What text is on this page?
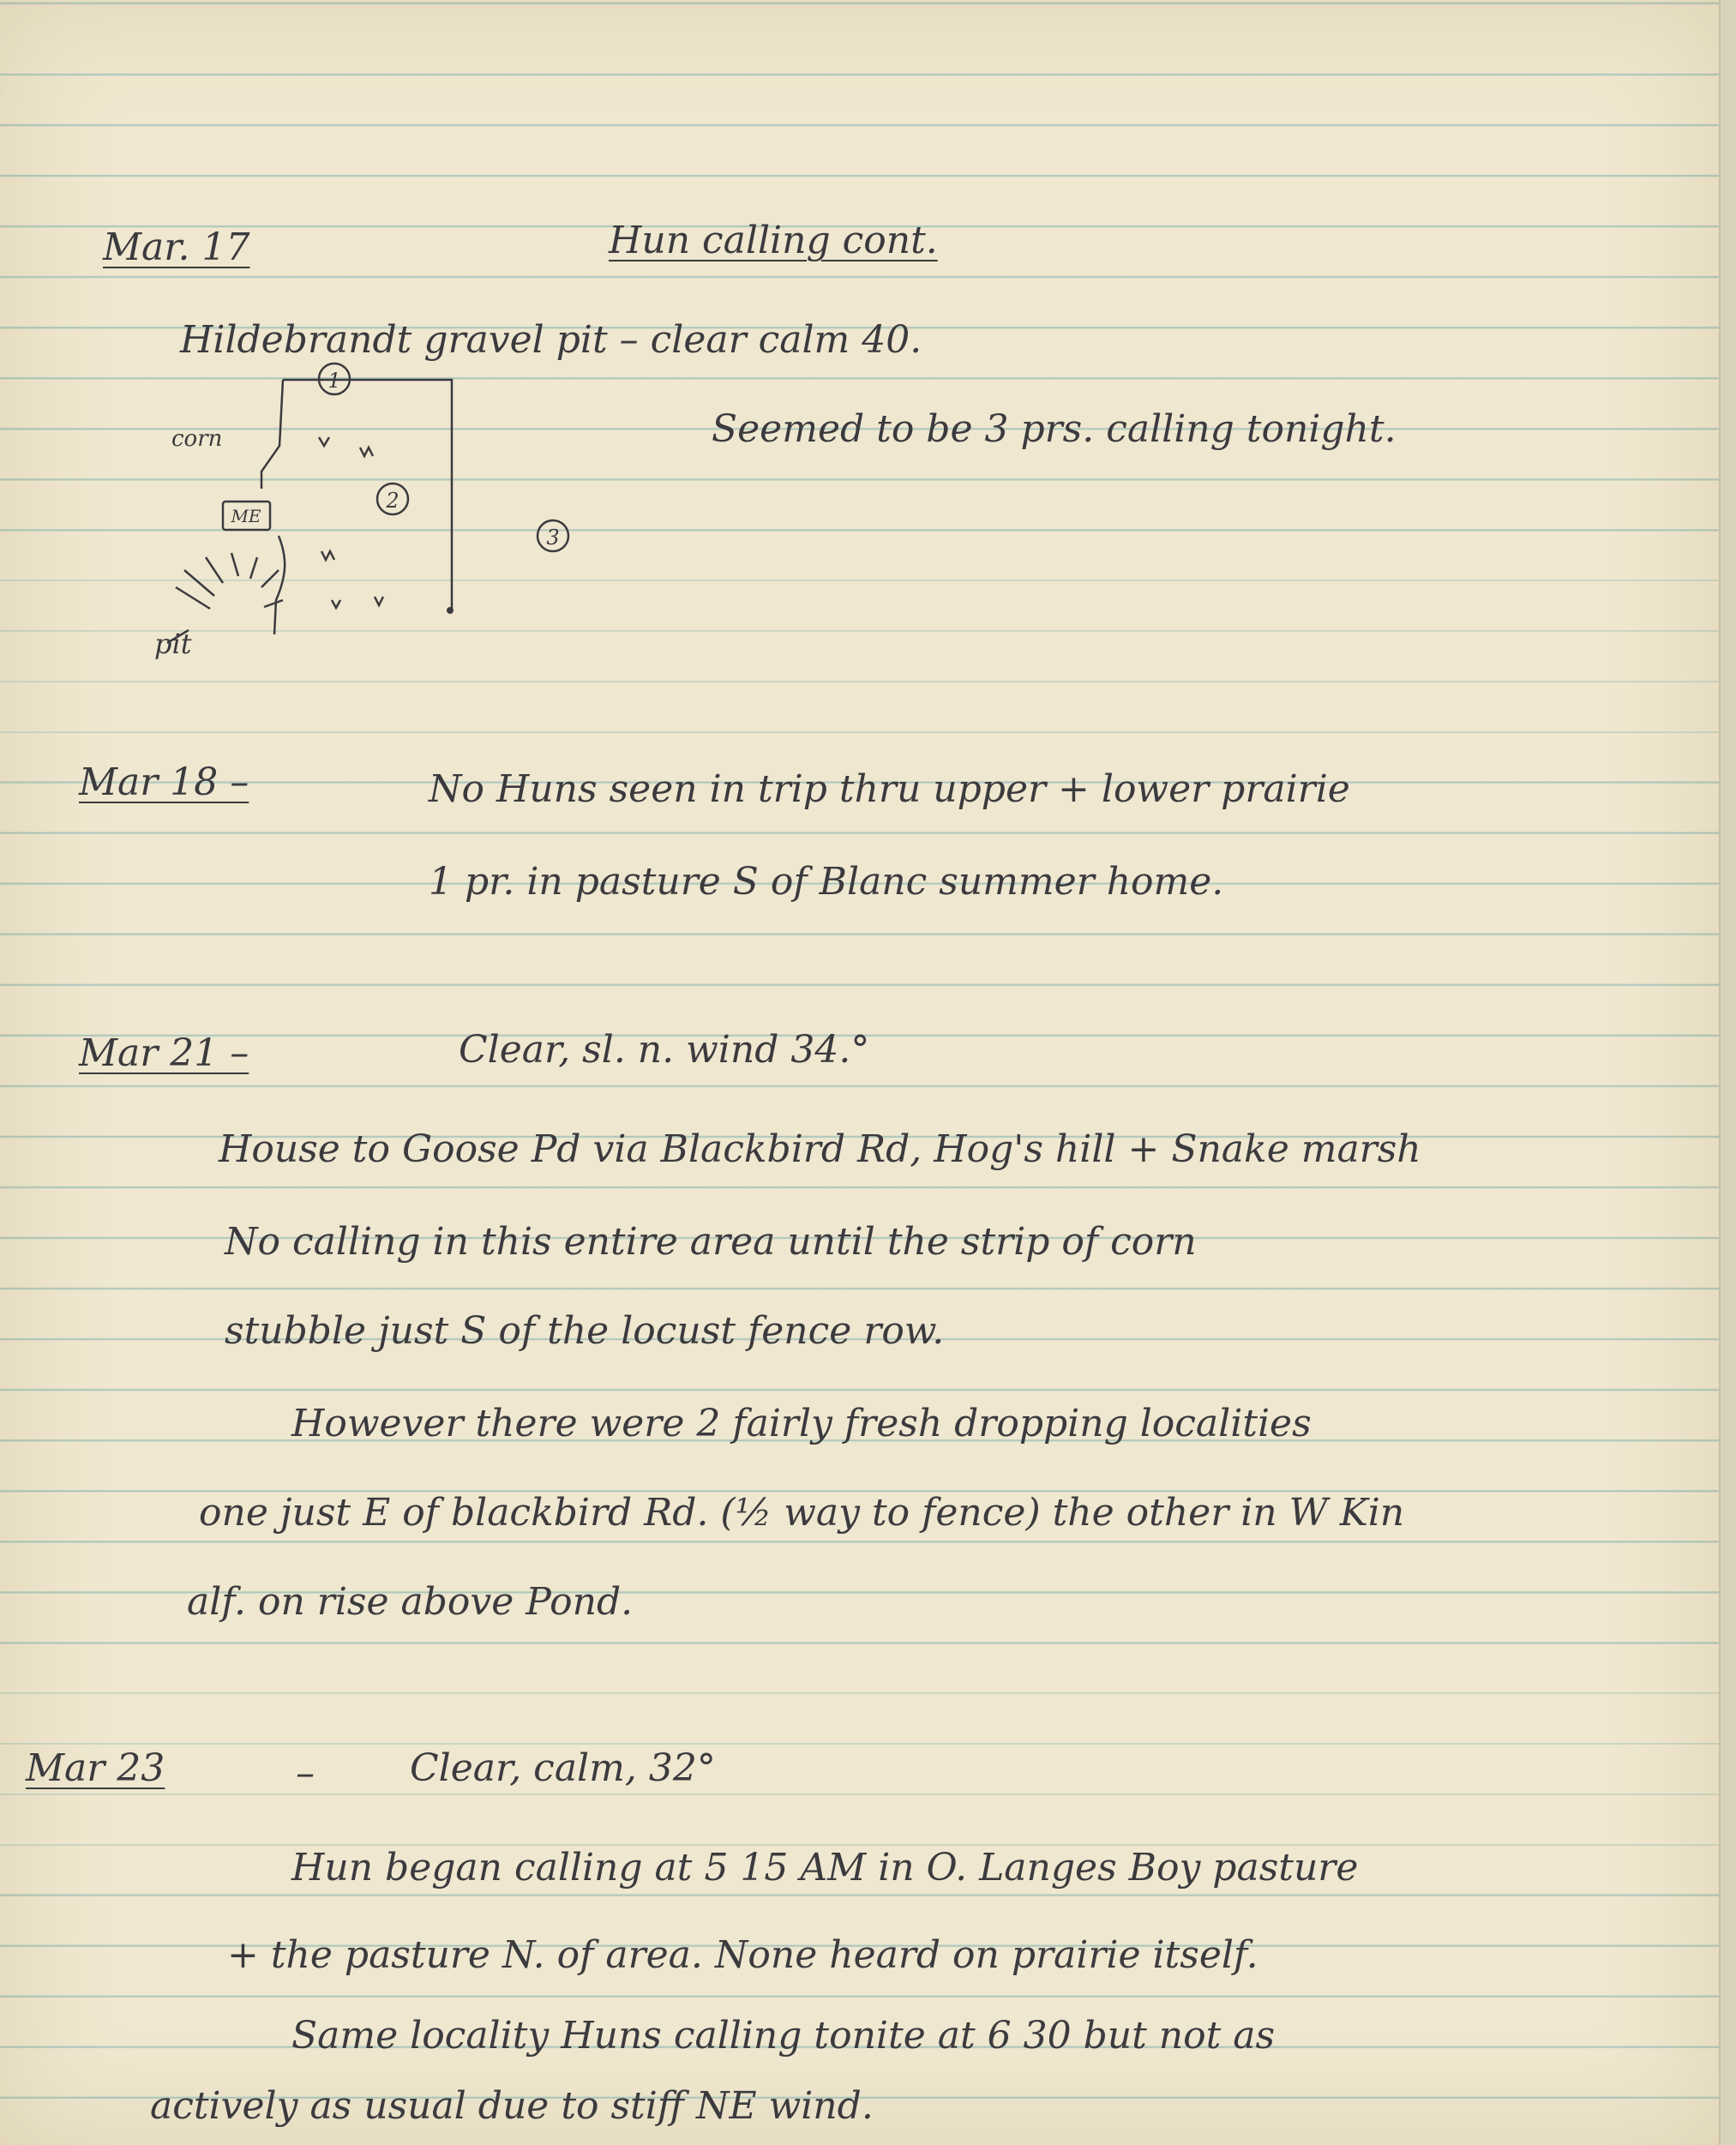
Mar. 17	Hun calling cont.
Hildebrandt gravel pit – clear calm 40.
Seemed to be 3 prs. calling tonight.
1
2
3
corn
ME
pit
Mar 18 –	No Huns seen in trip thru upper + lower prairie
1 pr. in pasture S of Blanc summer home.
Mar 21 –	Clear, sl. n. wind 34.°
House to Goose Pd via Blackbird Rd, Hog's hill + Snake marsh
No calling in this entire area until the strip of corn
stubble just S of the locust fence row.
However there were 2 fairly fresh dropping localities
one just E of blackbird Rd. (½ way to fence) the other in W Kin
alf. on rise above Pond.
Mar 23	–	Clear, calm, 32°
Hun began calling at 5 15 AM in O. Langes Boy pasture
+ the pasture N. of area. None heard on prairie itself.
Same locality Huns calling tonite at 6 30 but not as
actively as usual due to stiff NE wind.
